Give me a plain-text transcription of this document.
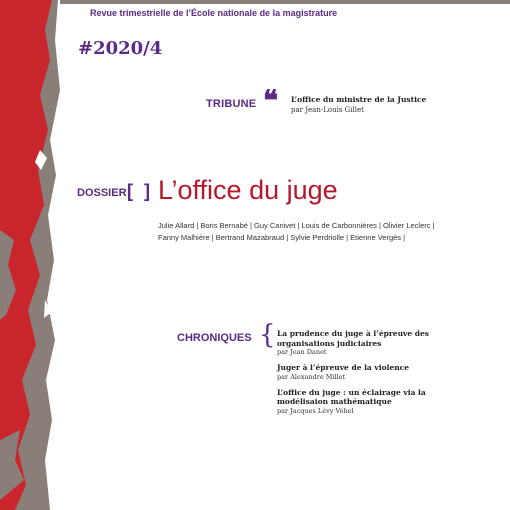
Revue trimestrielle de l’École nationale de la magistrature
#2020/4
TRIBUNE ❝ L’office du ministre de la Justice
par Jean-Louis Gillet
DOSSIER [ ] L’office du juge
Julie Allard | Boris Bernabé | Guy Canivet | Louis de Carbonnières | Olivier Leclerc | Fanny Malhière | Bertrand Mazabraud | Sylvie Perdriolle | Etienne Vergès |
CHRONIQUES { La prudence du juge à l’épreuve des organisations judiciaires
par Jean Danet
Juger à l’épreuve de la violence
par Alexandre Millet
L’office du juge : un éclairage via la modélisaion mathématique
par Jacques Lévy Véhel
